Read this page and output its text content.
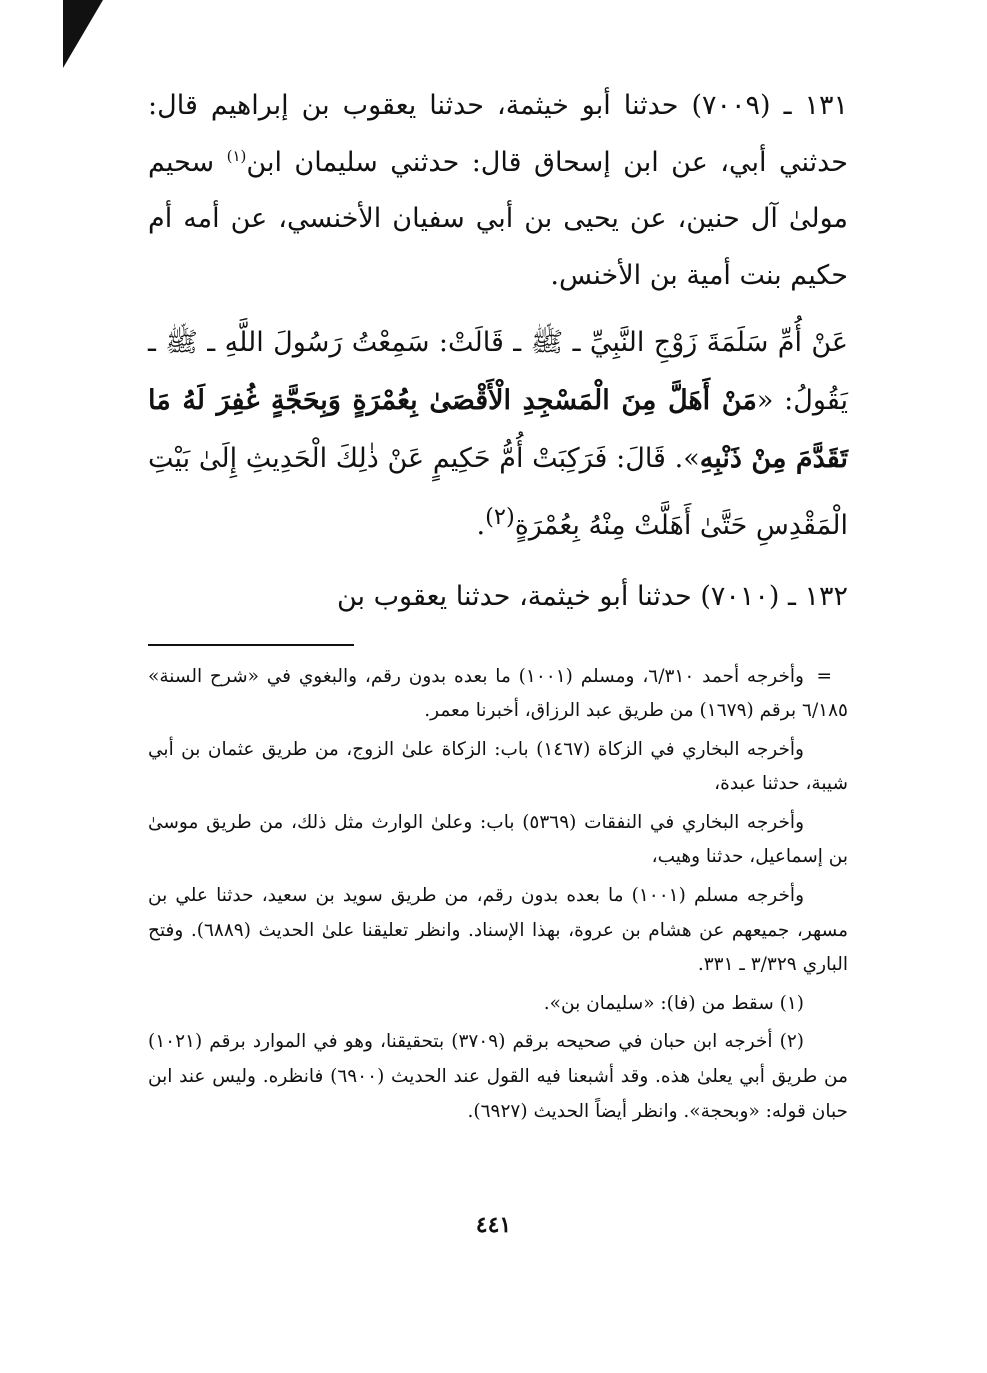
١٣١ ـ (٧٠٠٩) حدثنا أبو خيثمة، حدثنا يعقوب بن إبراهيم قال: حدثني أبي، عن ابن إسحاق قال: حدثني سليمان ابن$^{(١)}$ سحيم مولىٰ آل حنين، عن يحيى بن أبي سفيان الأخنسي، عن أمه أم حكيم بنت أمية بن الأخنس.

عَنْ أُمِّ سَلَمَةَ زَوْجِ النَّبِيِّ ـ ﷺ ـ قَالَتْ: سَمِعْتُ رَسُولَ اللَّهِ ـ ﷺ ـ يَقُولُ: «مَنْ أَهَلَّ مِنَ الْمَسْجِدِ الْأَقْصَىٰ بِعُمْرَةٍ وَبِحَجَّةٍ غُفِرَ لَهُ مَا تَقَدَّمَ مِنْ ذَنْبِهِ». قَالَ: فَرَكِبَتْ أُمُّ حَكِيمٍ عَنْ ذٰلِكَ الْحَدِيثِ إِلَىٰ بَيْتِ الْمَقْدِسِ حَتَّىٰ أَهَلَّتْ مِنْهُ بِعُمْرَةٍ$^{(٢)}$.

١٣٢ ـ (٧٠١٠) حدثنا أبو خيثمة، حدثنا يعقوب بن

=
وأخرجه أحمد ٦/٣١٠، ومسلم (١٠٠١) ما بعده بدون رقم، والبغوي في «شرح السنة» ٦/١٨٥ برقم (١٦٧٩) من طريق عبد الرزاق، أخبرنا معمر.

وأخرجه البخاري في الزكاة (١٤٦٧) باب: الزكاة علىٰ الزوج، من طريق عثمان بن أبي شيبة، حدثنا عبدة،

وأخرجه البخاري في النفقات (٥٣٦٩) باب: وعلىٰ الوارث مثل ذلك، من طريق موسىٰ بن إسماعيل، حدثنا وهيب،

وأخرجه مسلم (١٠٠١) ما بعده بدون رقم، من طريق سويد بن سعيد، حدثنا علي بن مسهر، جميعهم عن هشام بن عروة، بهذا الإسناد. وانظر تعليقنا علىٰ الحديث (٦٨٨٩). وفتح الباري ٣/٣٢٩ ـ ٣٣١.

(١) سقط من (فا): «سليمان بن».

(٢) أخرجه ابن حبان في صحيحه برقم (٣٧٠٩) بتحقيقنا، وهو في الموارد برقم (١٠٢١) من طريق أبي يعلىٰ هذه. وقد أشبعنا فيه القول عند الحديث (٦٩٠٠) فانظره. وليس عند ابن حبان قوله: «وبحجة». وانظر أيضاً الحديث (٦٩٢٧).

٤٤١
